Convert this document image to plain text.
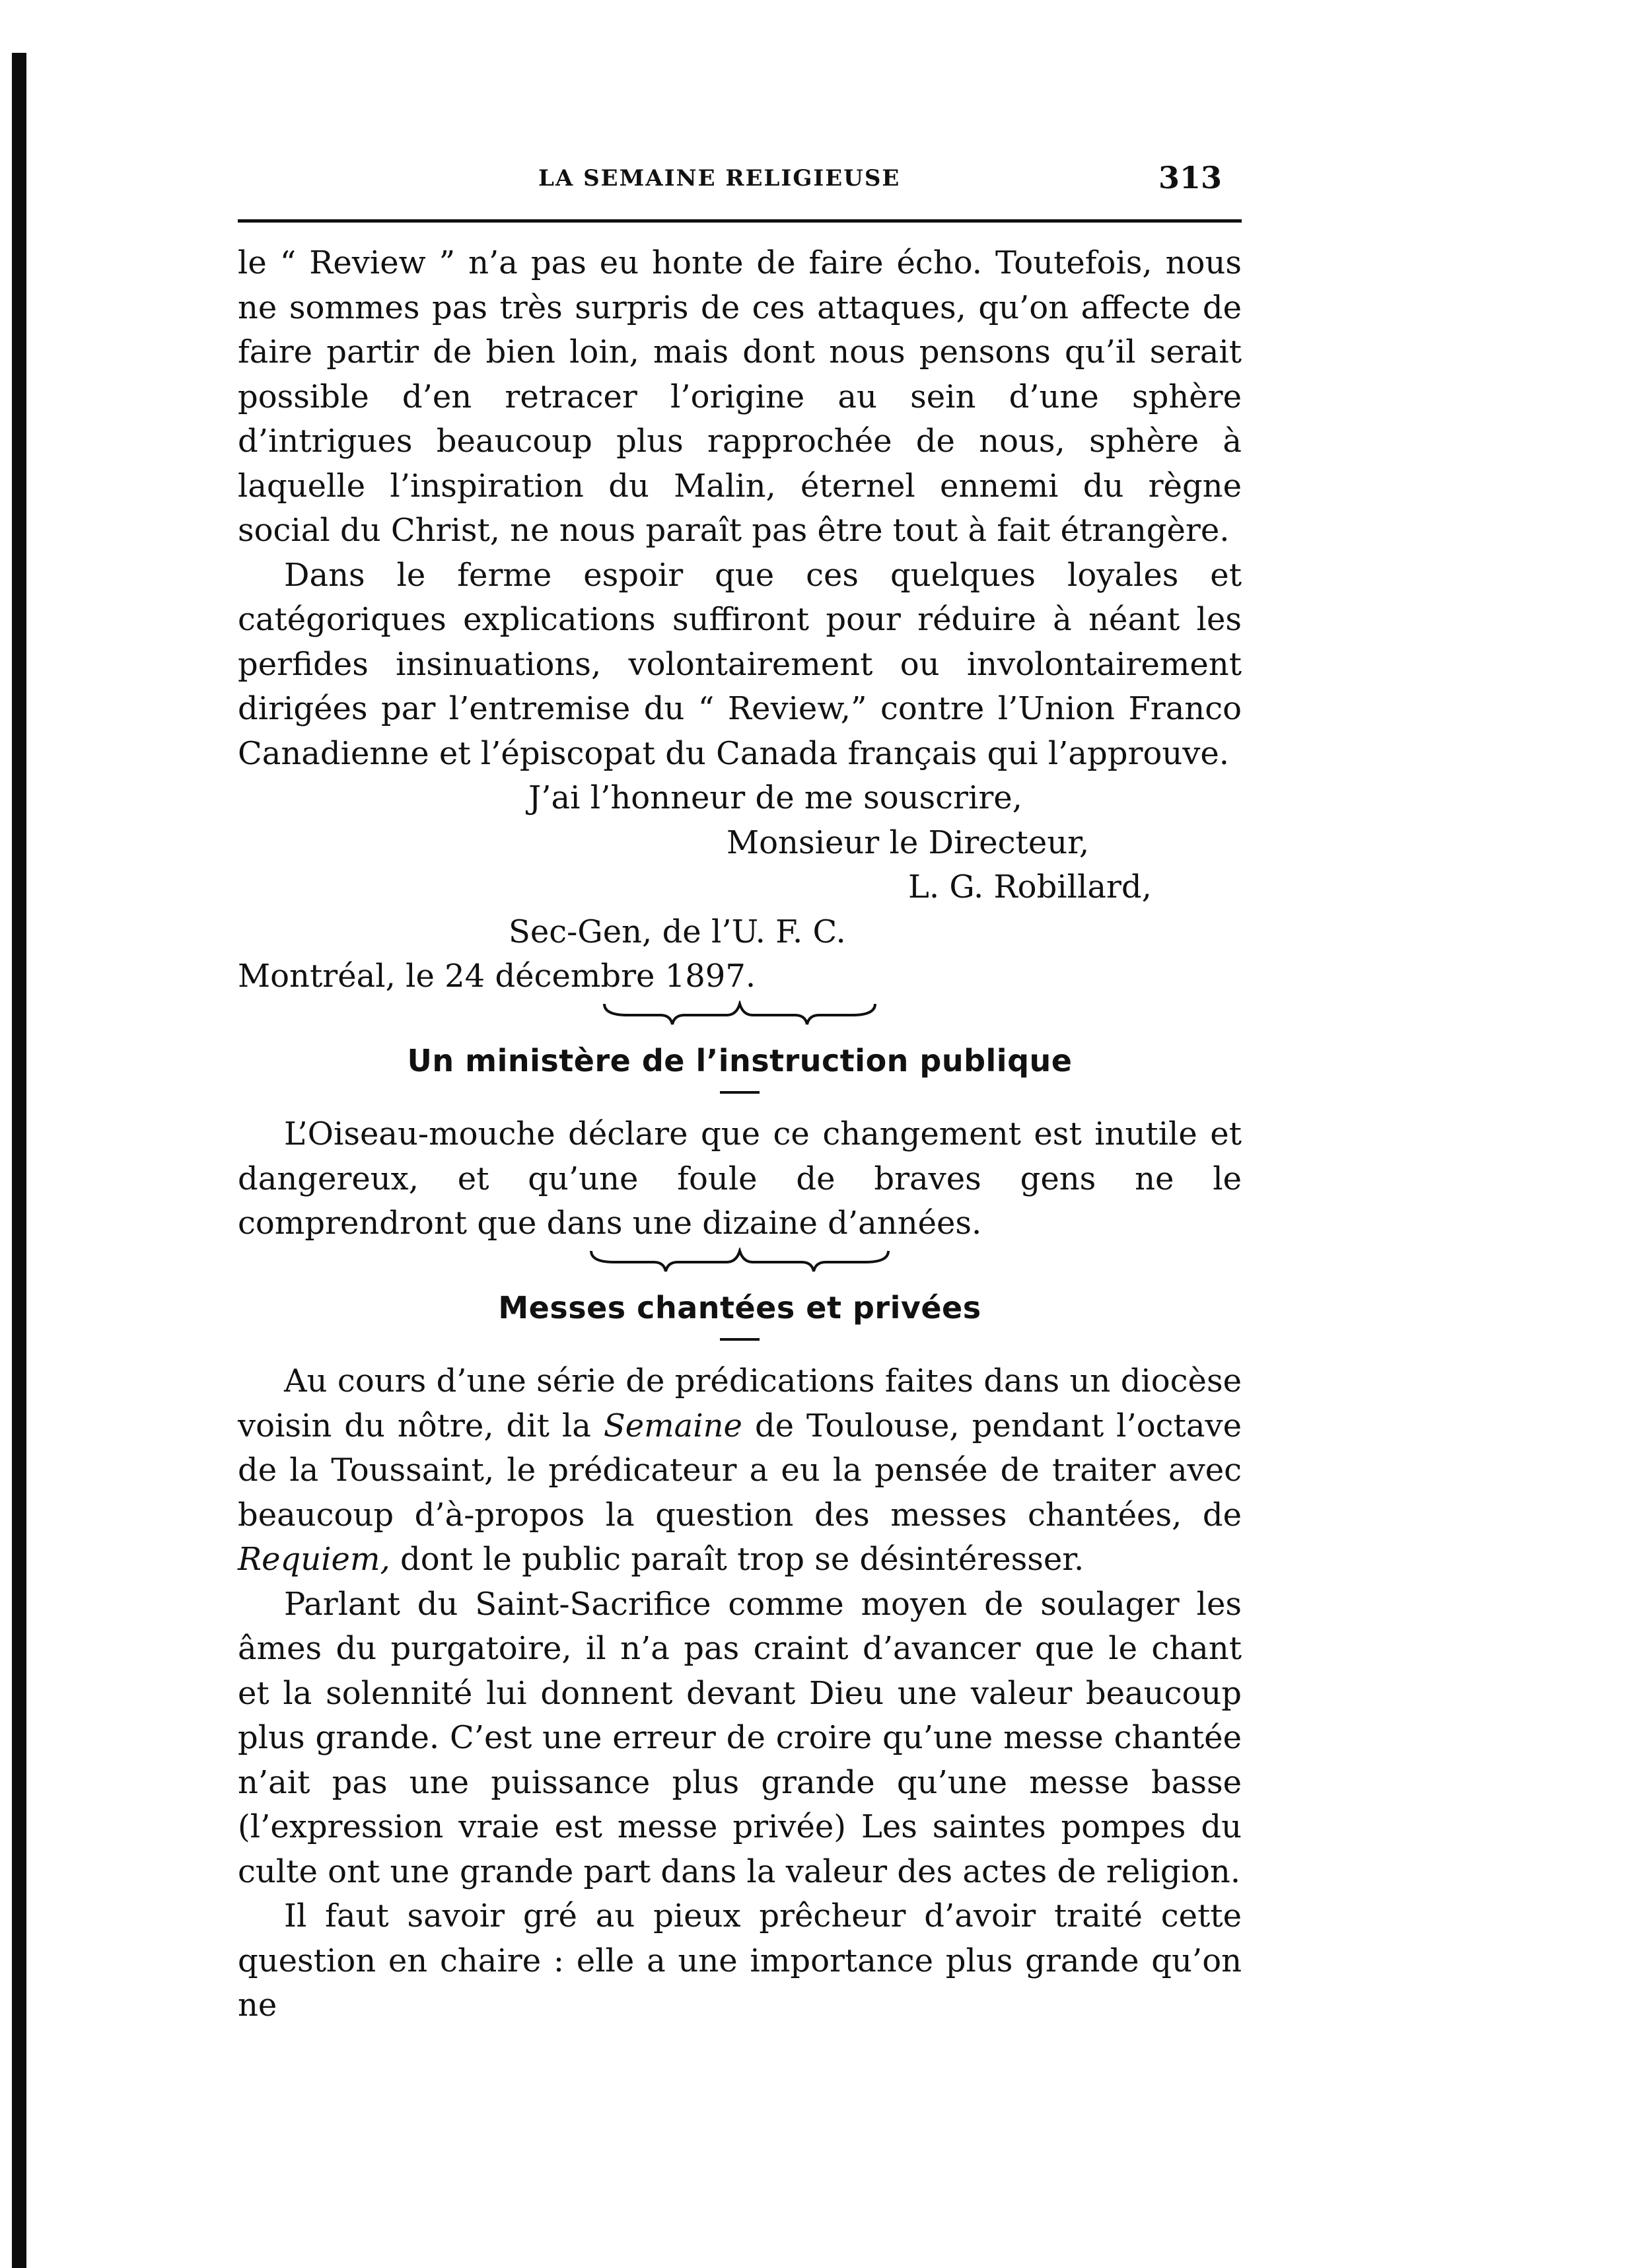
LA SEMAINE RELIGIEUSE	313

le “ Review ” n’a pas eu honte de faire écho. Toutefois, nous ne sommes pas très surpris de ces attaques, qu’on affecte de faire partir de bien loin, mais dont nous pensons qu’il serait possible d’en retracer l’origine au sein d’une sphère d’intrigues beaucoup plus rapprochée de nous, sphère à laquelle l’inspiration du Malin, éternel ennemi du règne social du Christ, ne nous paraît pas être tout à fait étrangère.

Dans le ferme espoir que ces quelques loyales et catégoriques explications suffiront pour réduire à néant les perfides insinuations, volontairement ou involontairement dirigées par l’entremise du “ Review,” contre l’Union Franco Canadienne et l’épiscopat du Canada français qui l’approuve.

J’ai l’honneur de me souscrire,

Monsieur le Directeur,

L. G. Robillard,

Sec-Gen, de l’U. F. C.

Montréal, le 24 décembre 1897.

Un ministère de l’instruction publique

L’Oiseau-mouche déclare que ce changement est inutile et dangereux, et qu’une foule de braves gens ne le comprendront que dans une dizaine d’années.

Messes chantées et privées

Au cours d’une série de prédications faites dans un diocèse voisin du nôtre, dit la Semaine de Toulouse, pendant l’octave de la Toussaint, le prédicateur a eu la pensée de traiter avec beaucoup d’à-propos la question des messes chantées, de Requiem, dont le public paraît trop se désintéresser.

Parlant du Saint-Sacrifice comme moyen de soulager les âmes du purgatoire, il n’a pas craint d’avancer que le chant et la solennité lui donnent devant Dieu une valeur beaucoup plus grande. C’est une erreur de croire qu’une messe chantée n’ait pas une puissance plus grande qu’une messe basse (l’expression vraie est messe privée) Les saintes pompes du culte ont une grande part dans la valeur des actes de religion.

Il faut savoir gré au pieux prêcheur d’avoir traité cette question en chaire : elle a une importance plus grande qu’on ne
